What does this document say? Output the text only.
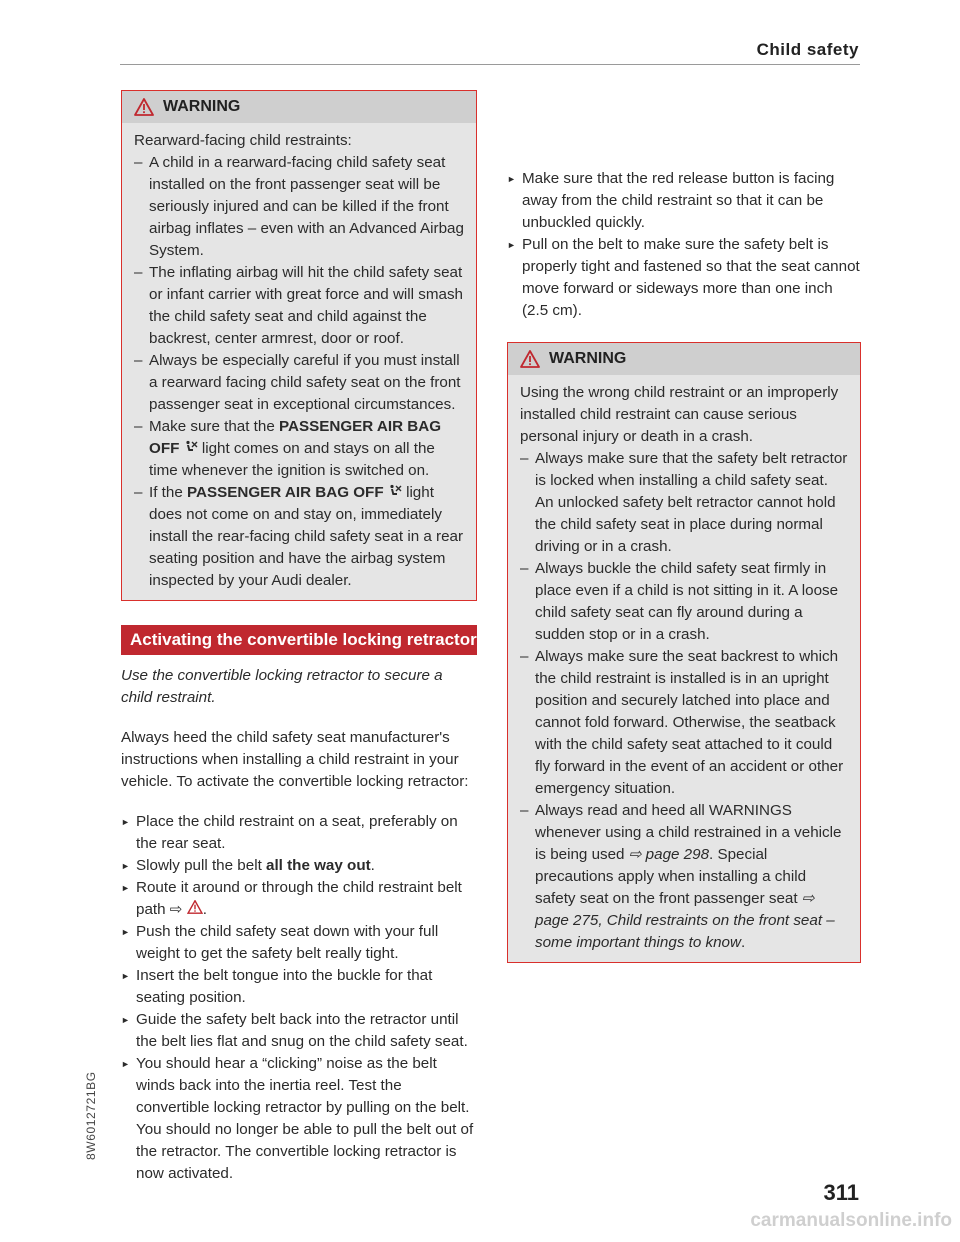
Child safety
WARNING

Rearward-facing child restraints:

– A child in a rearward-facing child safety seat installed on the front passenger seat will be seriously injured and can be killed if the front airbag inflates – even with an Advanced Airbag System.

– The inflating airbag will hit the child safety seat or infant carrier with great force and will smash the child safety seat and child against the backrest, center armrest, door or roof.

– Always be especially careful if you must install a rearward facing child safety seat on the front passenger seat in exceptional circumstances.

– Make sure that the PASSENGER AIR BAG OFF  light comes on and stays on all the time whenever the ignition is switched on.

– If the PASSENGER AIR BAG OFF  light does not come on and stay on, immediately install the rear-facing child safety seat in a rear seating position and have the airbag system inspected by your Audi dealer.

Activating the convertible locking retractor

Use the convertible locking retractor to secure a child restraint.

Always heed the child safety seat manufacturer's instructions when installing a child restraint in your vehicle. To activate the convertible locking retractor:

► Place the child restraint on a seat, preferably on the rear seat.

► Slowly pull the belt all the way out.

► Route it around or through the child restraint belt path ⇨ .

► Push the child safety seat down with your full weight to get the safety belt really tight.

► Insert the belt tongue into the buckle for that seating position.

► Guide the safety belt back into the retractor until the belt lies flat and snug on the child safety seat.

► You should hear a “clicking” noise as the belt winds back into the inertia reel. Test the convertible locking retractor by pulling on the belt. You should no longer be able to pull the belt out of the retractor. The convertible locking retractor is now activated.

► Make sure that the red release button is facing away from the child restraint so that it can be unbuckled quickly.

► Pull on the belt to make sure the safety belt is properly tight and fastened so that the seat cannot move forward or sideways more than one inch (2.5 cm).

WARNING

Using the wrong child restraint or an improperly installed child restraint can cause serious personal injury or death in a crash.

– Always make sure that the safety belt retractor is locked when installing a child safety seat. An unlocked safety belt retractor cannot hold the child safety seat in place during normal driving or in a crash.

– Always buckle the child safety seat firmly in place even if a child is not sitting in it. A loose child safety seat can fly around during a sudden stop or in a crash.

– Always make sure the seat backrest to which the child restraint is installed is in an upright position and securely latched into place and cannot fold forward. Otherwise, the seatback with the child safety seat attached to it could fly forward in the event of an accident or other emergency situation.

– Always read and heed all WARNINGS whenever using a child restrained in a vehicle is being used ⇨ page 298. Special precautions apply when installing a child safety seat on the front passenger seat ⇨ page 275, Child restraints on the front seat – some important things to know.

311
8W6012721BG
carmanualsonline.info
